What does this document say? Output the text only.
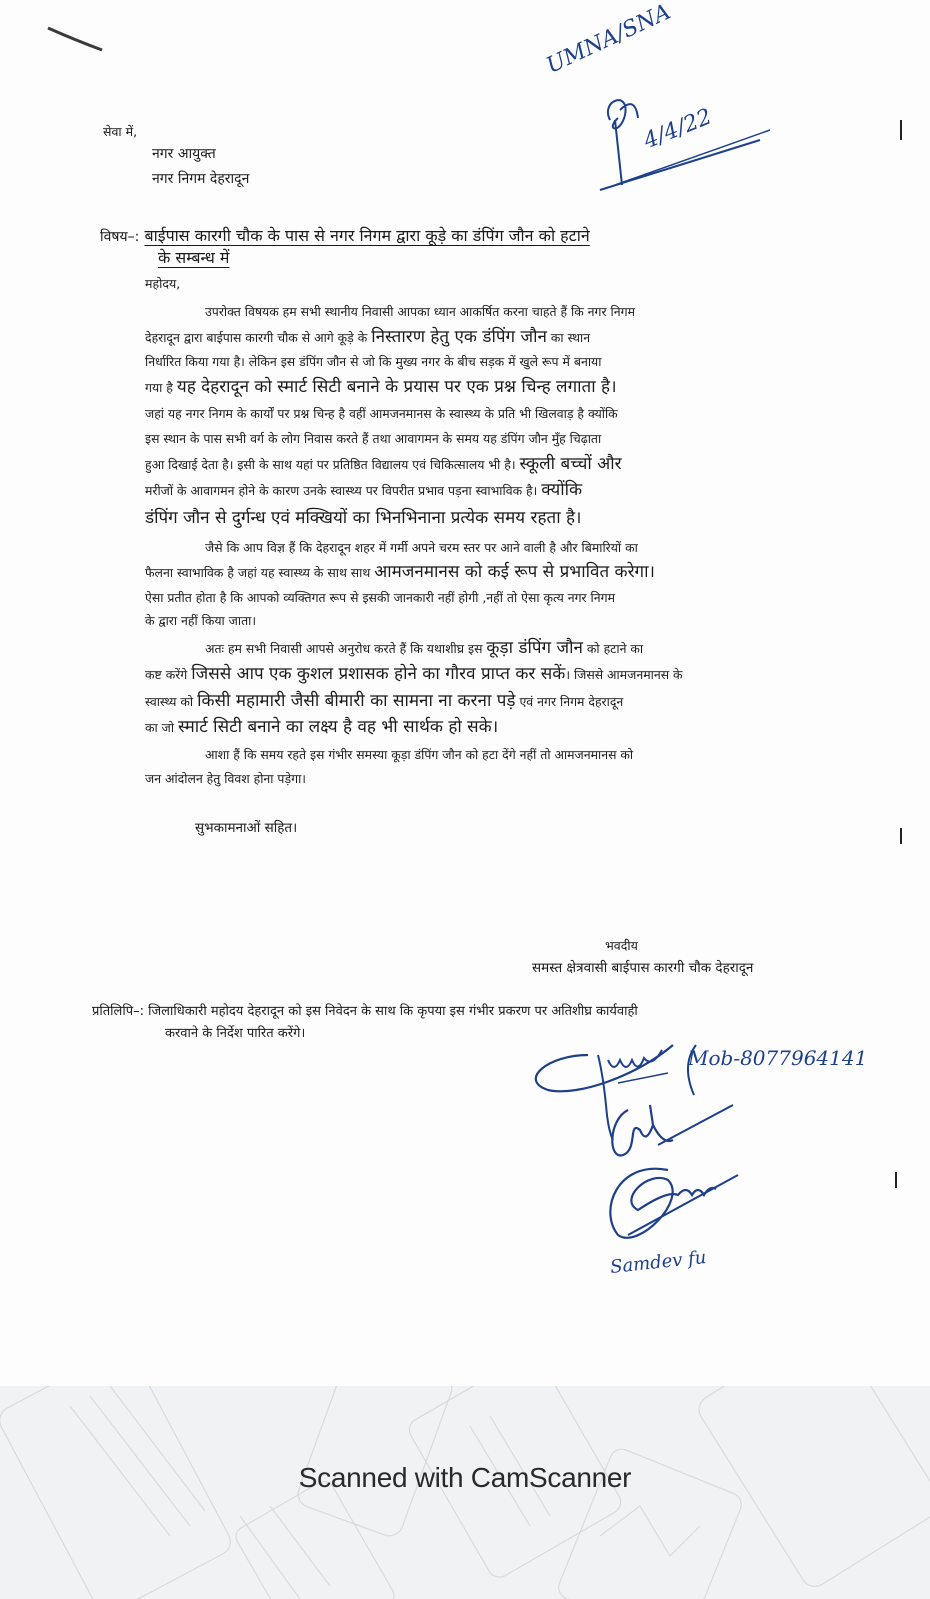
UMNA/SNA
4/4/22
सेवा में,
नगर आयुक्त
नगर निगम देहरादून
विषय–: बाईपास कारगी चौक के पास से नगर निगम द्वारा कूड़े का डंपिंग जौन को हटाने
के सम्बन्ध में
महोदय,
उपरोक्त विषयक हम सभी स्थानीय निवासी आपका ध्यान आकर्षित करना चाहते हैं कि नगर निगम
देहरादून द्वारा बाईपास कारगी चौक से आगे कूड़े के निस्तारण हेतु एक डंपिंग जौन का स्थान
निर्धारित किया गया है। लेकिन इस डंपिंग जौन से जो कि मुख्य नगर के बीच सड़क में खुले रूप में बनाया
गया है यह देहरादून को स्मार्ट सिटी बनाने के प्रयास पर एक प्रश्न चिन्ह लगाता है।
जहां यह नगर निगम के कार्यों पर प्रश्न चिन्ह है वहीं आमजनमानस के स्वास्थ्य के प्रति भी खिलवाड़ है क्योंकि
इस स्थान के पास सभी वर्ग के लोग निवास करते हैं तथा आवागमन के समय यह डंपिंग जौन मुँह चिढ़ाता
हुआ दिखाई देता है। इसी के साथ यहां पर प्रतिष्ठित विद्यालय एवं चिकित्सालय भी है। स्कूली बच्चों और
मरीजों के आवागमन होने के कारण उनके स्वास्थ्य पर विपरीत प्रभाव पड़ना स्वाभाविक है। क्योंकि
डंपिंग जौन से दुर्गन्ध एवं मक्खियों का भिनभिनाना प्रत्येक समय रहता है।
जैसे कि आप विज्ञ हैं कि देहरादून शहर में गर्मी अपने चरम स्तर पर आने वाली है और बिमारियों का
फैलना स्वाभाविक है जहां यह स्वास्थ्य के साथ साथ आमजनमानस को कई रूप से प्रभावित करेगा।
ऐसा प्रतीत होता है कि आपको व्यक्तिगत रूप से इसकी जानकारी नहीं होगी ,नहीं तो ऐसा कृत्य नगर निगम
के द्वारा नहीं किया जाता।
अतः हम सभी निवासी आपसे अनुरोध करते हैं कि यथाशीघ्र इस कूड़ा डंपिंग जौन को हटाने का
कष्ट करेंगे जिससे आप एक कुशल प्रशासक होने का गौरव प्राप्त कर सकें। जिससे आमजनमानस के
स्वास्थ्य को किसी महामारी जैसी बीमारी का सामना ना करना पड़े एवं नगर निगम देहरादून
का जो स्मार्ट सिटी बनाने का लक्ष्य है वह भी सार्थक हो सके।
आशा हैं कि समय रहते इस गंभीर समस्या कूड़ा डंपिंग जौन को हटा देंगे नहीं तो आमजनमानस को
जन आंदोलन हेतु विवश होना पड़ेगा।
सुभकामनाओं सहित।
भवदीय
समस्त क्षेत्रवासी बाईपास कारगी चौक देहरादून
प्रतिलिपि–: जिलाधिकारी महोदय देहरादून को इस निवेदन के साथ कि कृपया इस गंभीर प्रकरण पर अतिशीघ्र कार्यवाही
करवाने के निर्देश पारित करेंगे।
Mob-8077964141
Samdev fu
Scanned with CamScanner
